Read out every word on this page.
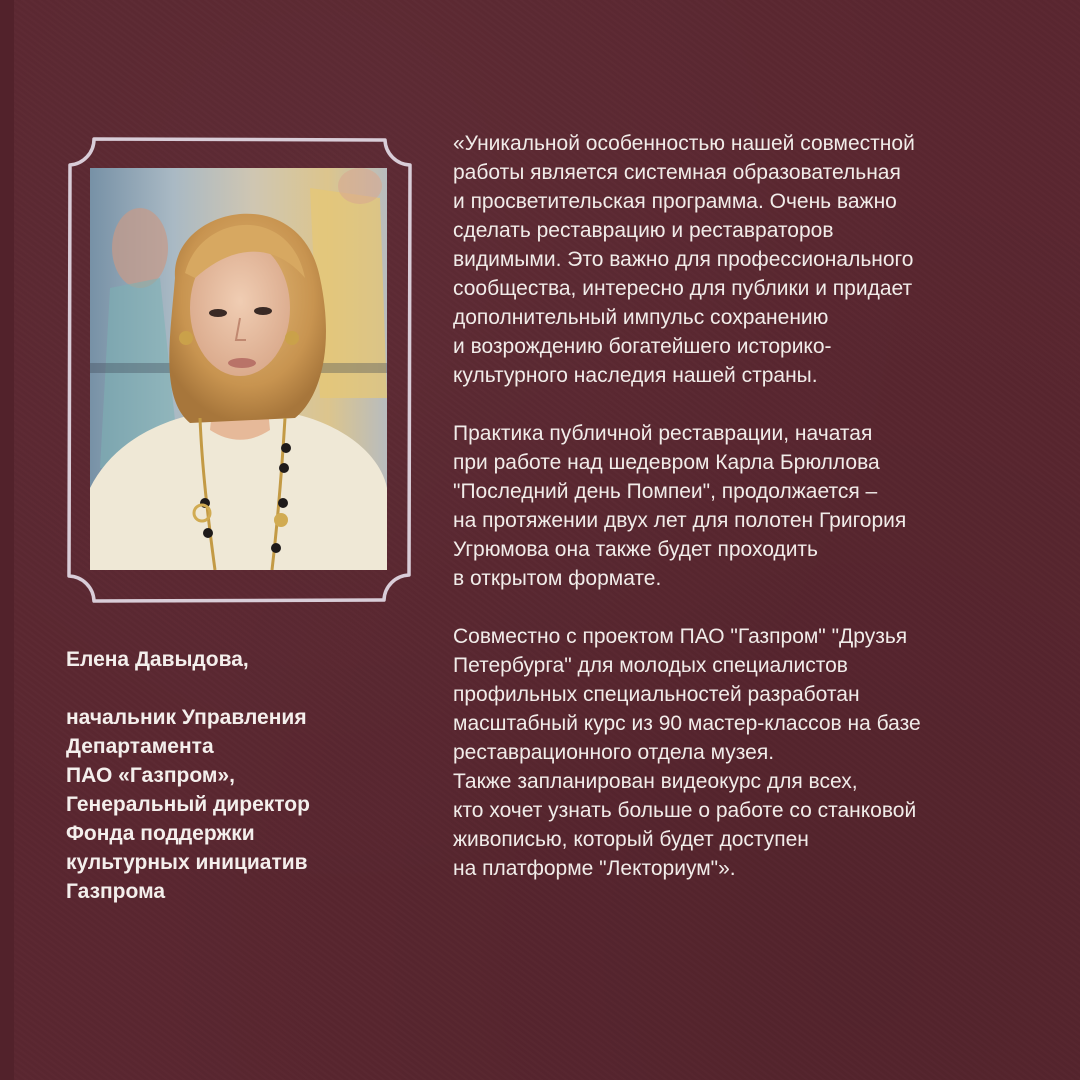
Елена Давыдова,
начальник Управления
Департамента
ПАО «Газпром»,
Генеральный директор
Фонда поддержки
культурных инициатив
Газпрома

«Уникальной особенностью нашей совместной
работы является системная образовательная
и просветительская программа. Очень важно
сделать реставрацию и реставраторов
видимыми. Это важно для профессионального
сообщества, интересно для публики и придает
дополнительный импульс сохранению
и возрождению богатейшего историко-
культурного наследия нашей страны.

Практика публичной реставрации, начатая
при работе над шедевром Карла Брюллова
"Последний день Помпеи", продолжается –
на протяжении двух лет для полотен Григория
Угрюмова она также будет проходить
в открытом формате.

Совместно с проектом ПАО "Газпром" "Друзья
Петербурга" для молодых специалистов
профильных специальностей разработан
масштабный курс из 90 мастер-классов на базе
реставрационного отдела музея.
Также запланирован видеокурс для всех,
кто хочет узнать больше о работе со станковой
живописью, который будет доступен
на платформе "Лекториум"».
